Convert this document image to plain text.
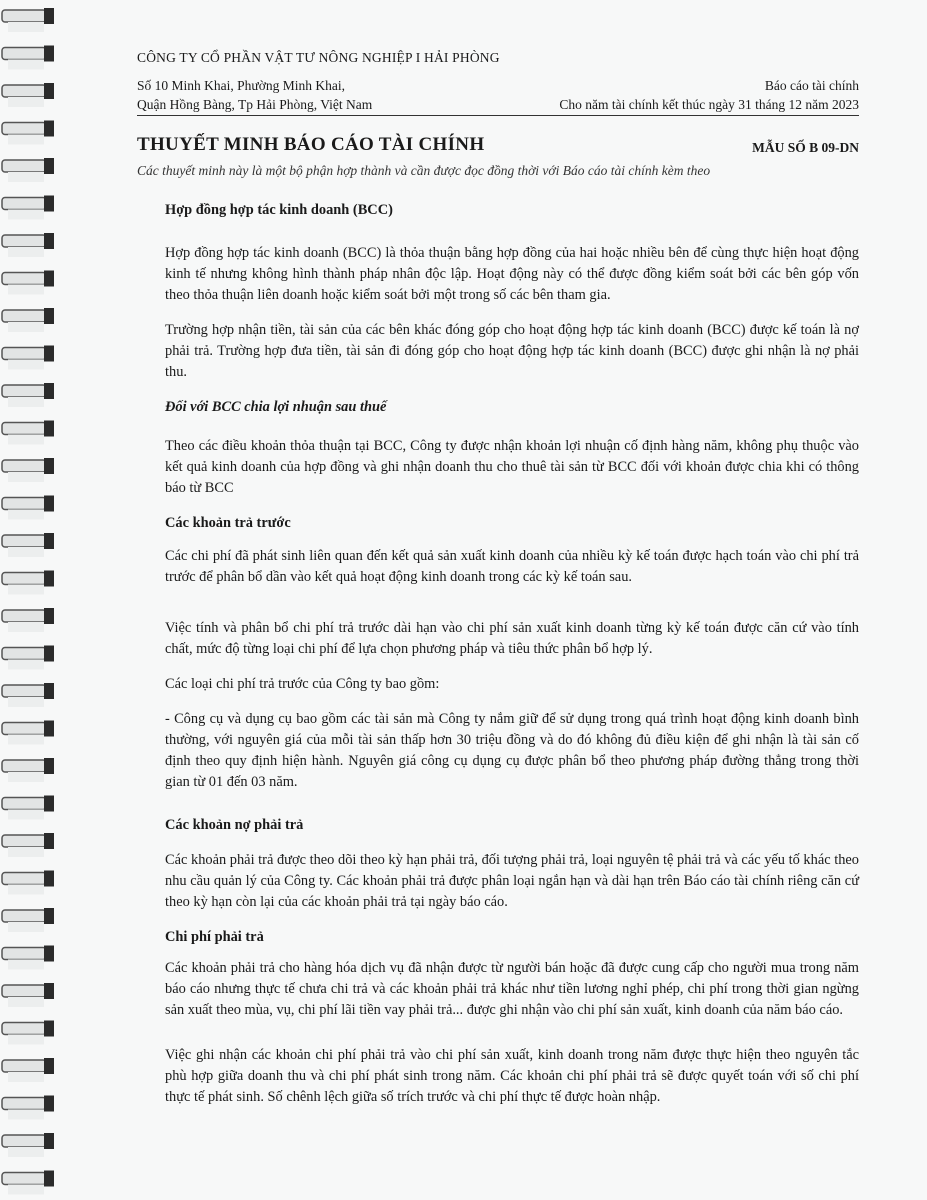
CÔNG TY CỔ PHẦN VẬT TƯ NÔNG NGHIỆP I HẢI PHÒNG
Số 10 Minh Khai, Phường Minh Khai,
Quận Hồng Bàng, Tp Hải Phòng, Việt Nam
Báo cáo tài chính
Cho năm tài chính kết thúc ngày 31 tháng 12 năm 2023
THUYẾT MINH BÁO CÁO TÀI CHÍNH	MẪU SỐ B 09-DN
Các thuyết minh này là một bộ phận hợp thành và cần được đọc đồng thời với Báo cáo tài chính kèm theo
Hợp đồng hợp tác kinh doanh (BCC)

Hợp đồng hợp tác kinh doanh (BCC) là thỏa thuận bằng hợp đồng của hai hoặc nhiều bên để cùng thực hiện hoạt động kinh tế nhưng không hình thành pháp nhân độc lập. Hoạt động này có thể được đồng kiểm soát bởi các bên góp vốn theo thỏa thuận liên doanh hoặc kiểm soát bởi một trong số các bên tham gia.

Trường hợp nhận tiền, tài sản của các bên khác đóng góp cho hoạt động hợp tác kinh doanh (BCC) được kế toán là nợ phải trả. Trường hợp đưa tiền, tài sản đi đóng góp cho hoạt động hợp tác kinh doanh (BCC) được ghi nhận là nợ phải thu.

Đối với BCC chia lợi nhuận sau thuế

Theo các điều khoản thỏa thuận tại BCC, Công ty được nhận khoản lợi nhuận cố định hàng năm, không phụ thuộc vào kết quả kinh doanh của hợp đồng và ghi nhận doanh thu cho thuê tài sản từ BCC đối với khoản được chia khi có thông báo từ BCC

Các khoản trả trước

Các chi phí đã phát sinh liên quan đến kết quả sản xuất kinh doanh của nhiều kỳ kế toán được hạch toán vào chi phí trả trước để phân bổ dần vào kết quả hoạt động kinh doanh trong các kỳ kế toán sau.

Việc tính và phân bổ chi phí trả trước dài hạn vào chi phí sản xuất kinh doanh từng kỳ kế toán được căn cứ vào tính chất, mức độ từng loại chi phí để lựa chọn phương pháp và tiêu thức phân bổ hợp lý.

Các loại chi phí trả trước của Công ty bao gồm:

- Công cụ và dụng cụ bao gồm các tài sản mà Công ty nắm giữ để sử dụng trong quá trình hoạt động kinh doanh bình thường, với nguyên giá của mỗi tài sản thấp hơn 30 triệu đồng và do đó không đủ điều kiện để ghi nhận là tài sản cố định theo quy định hiện hành. Nguyên giá công cụ dụng cụ được phân bổ theo phương pháp đường thẳng trong thời gian từ 01 đến 03 năm.

Các khoản nợ phải trả

Các khoản phải trả được theo dõi theo kỳ hạn phải trả, đối tượng phải trả, loại nguyên tệ phải trả và các yếu tố khác theo nhu cầu quản lý của Công ty. Các khoản phải trả được phân loại ngắn hạn và dài hạn trên Báo cáo tài chính riêng căn cứ theo kỳ hạn còn lại của các khoản phải trả tại ngày báo cáo.

Chi phí phải trả

Các khoản phải trả cho hàng hóa dịch vụ đã nhận được từ người bán hoặc đã được cung cấp cho người mua trong năm báo cáo nhưng thực tế chưa chi trả và các khoản phải trả khác như tiền lương nghỉ phép, chi phí trong thời gian ngừng sản xuất theo mùa, vụ, chi phí lãi tiền vay phải trả... được ghi nhận vào chi phí sản xuất, kinh doanh của năm báo cáo.

Việc ghi nhận các khoản chi phí phải trả vào chi phí sản xuất, kinh doanh trong năm được thực hiện theo nguyên tắc phù hợp giữa doanh thu và chi phí phát sinh trong năm. Các khoản chi phí phải trả sẽ được quyết toán với số chi phí thực tế phát sinh. Số chênh lệch giữa số trích trước và chi phí thực tế được hoàn nhập.
